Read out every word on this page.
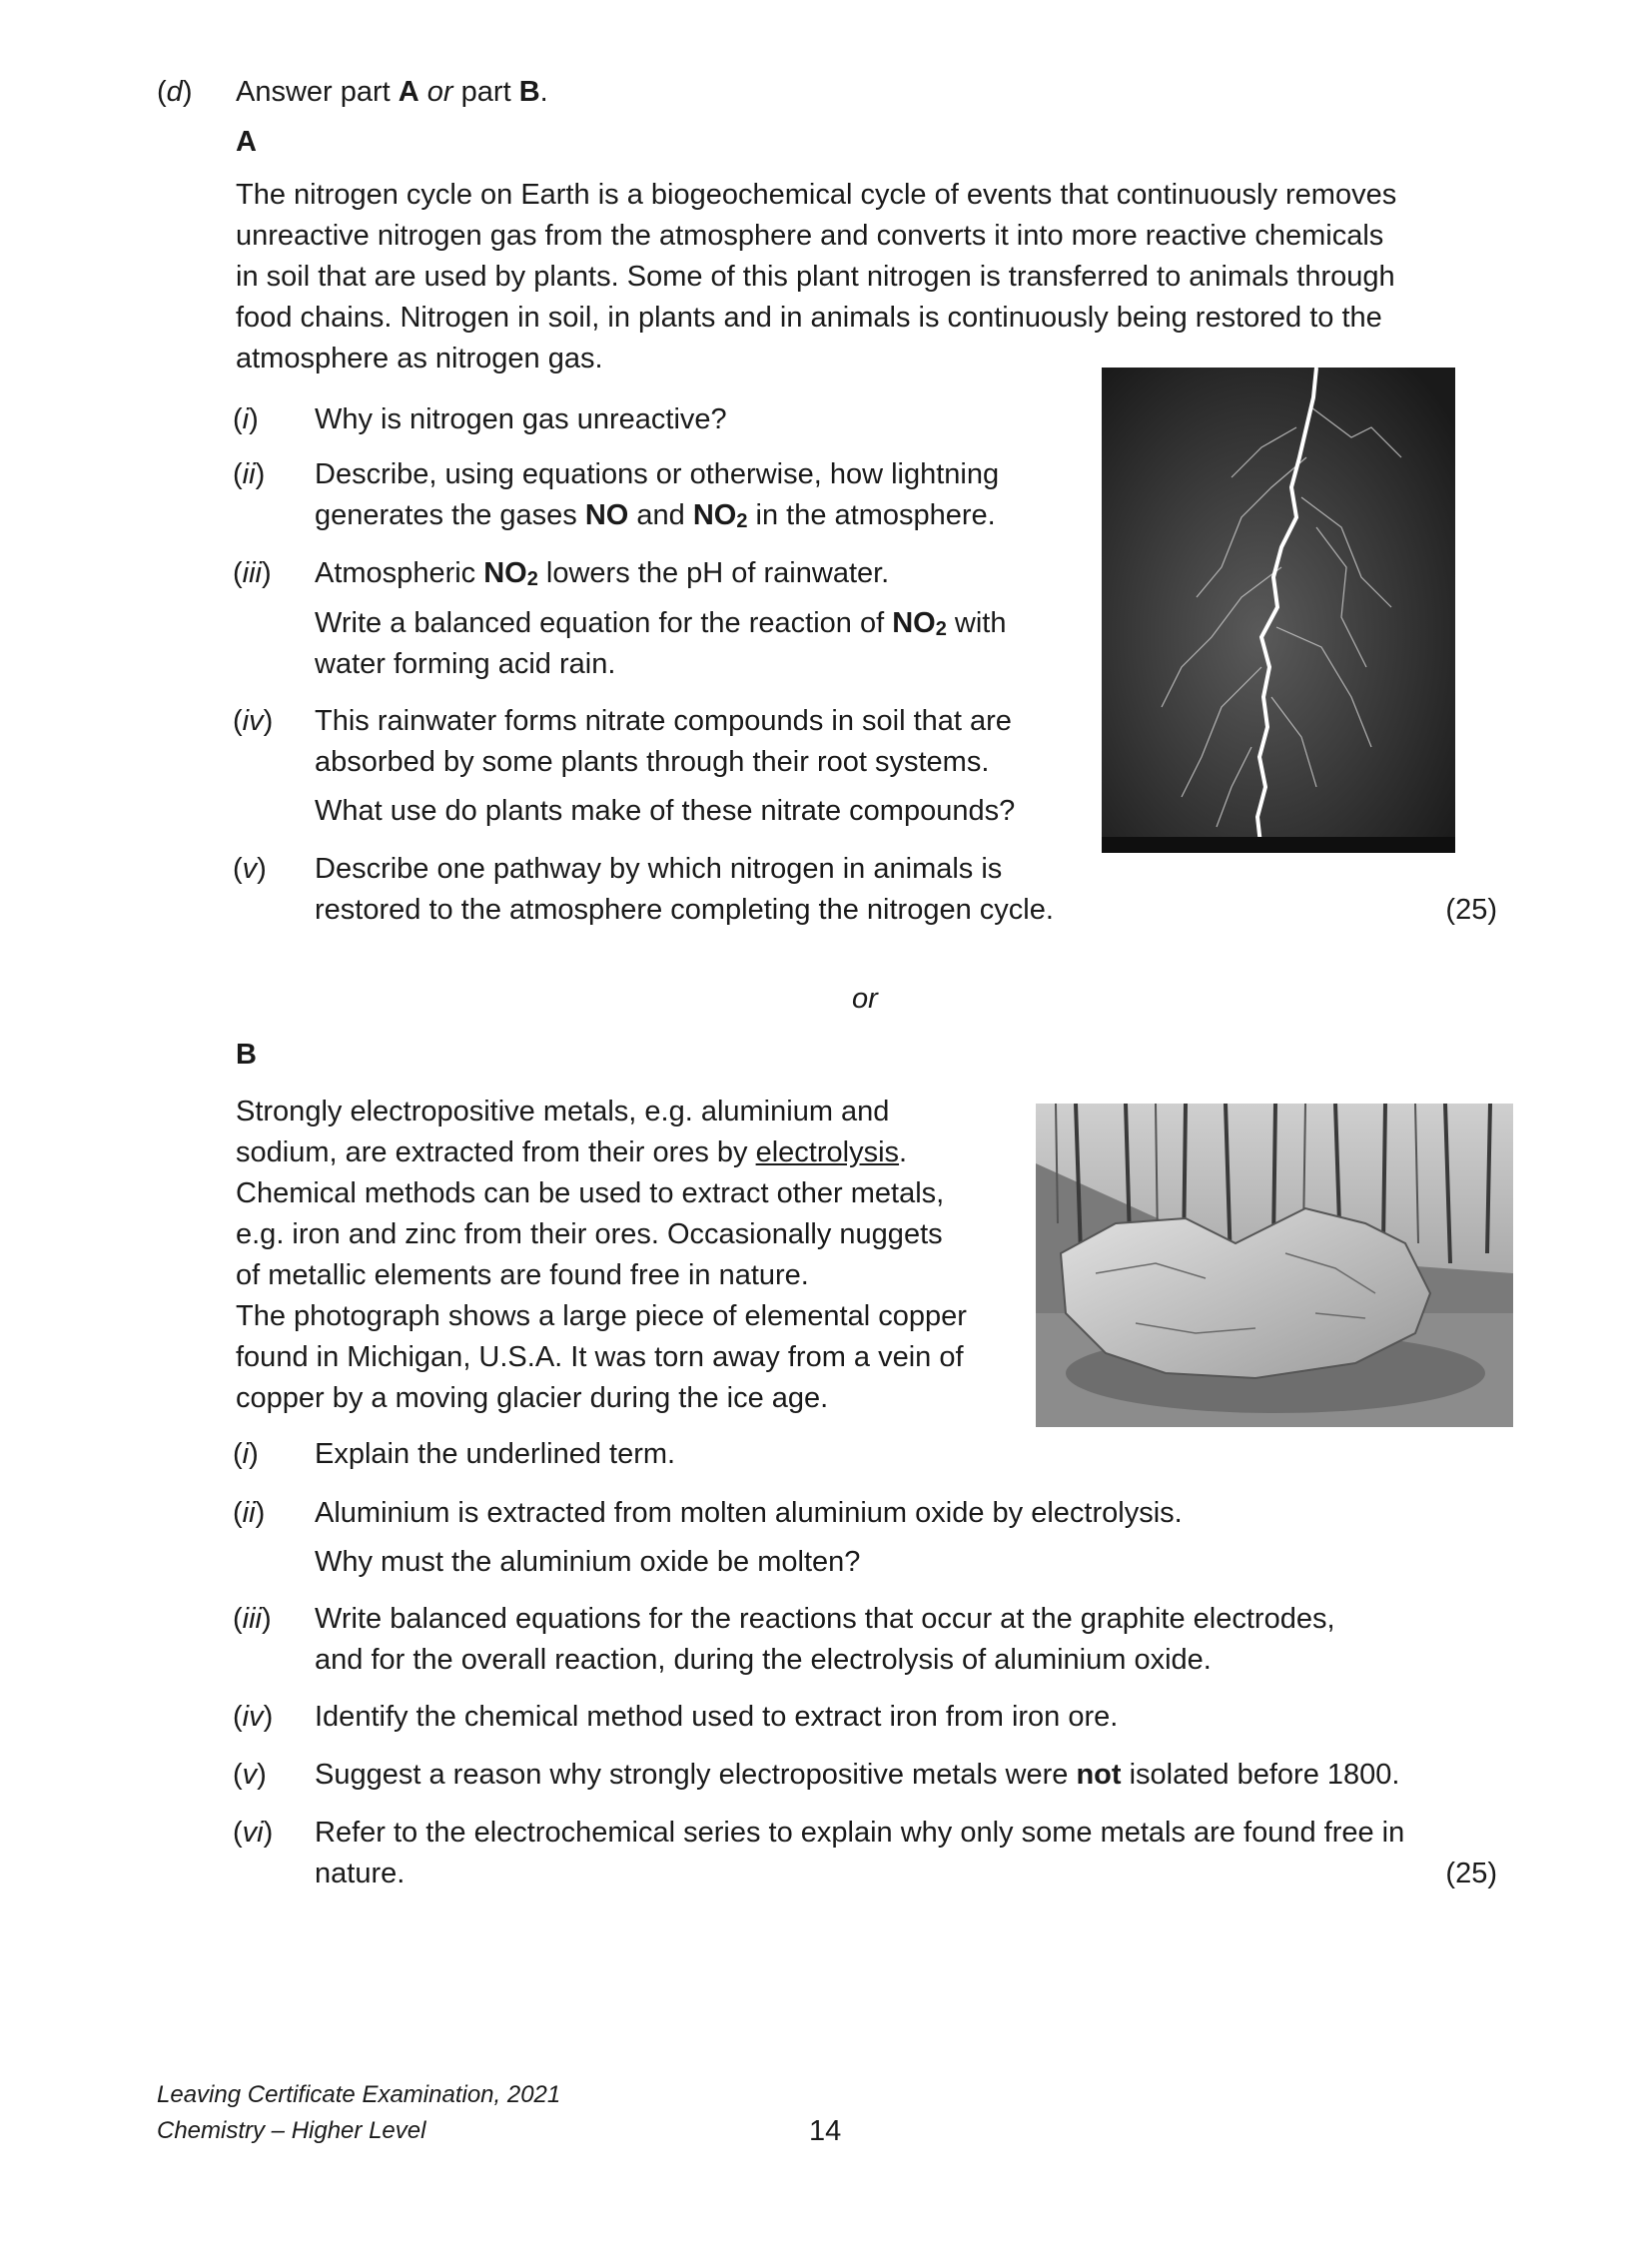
(d) Answer part A or part B.
A
The nitrogen cycle on Earth is a biogeochemical cycle of events that continuously removes
unreactive nitrogen gas from the atmosphere and converts it into more reactive chemicals
in soil that are used by plants. Some of this plant nitrogen is transferred to animals through
food chains. Nitrogen in soil, in plants and in animals is continuously being restored to the
atmosphere as nitrogen gas.
(i) Why is nitrogen gas unreactive?
(ii) Describe, using equations or otherwise, how lightning
generates the gases NO and $NO_2$ in the atmosphere.
(iii) Atmospheric $NO_2$ lowers the pH of rainwater.
Write a balanced equation for the reaction of $NO_2$ with
water forming acid rain.
(iv) This rainwater forms nitrate compounds in soil that are
absorbed by some plants through their root systems.
What use do plants make of these nitrate compounds?
(v) Describe one pathway by which nitrogen in animals is
restored to the atmosphere completing the nitrogen cycle.	(25)
or
B
Strongly electropositive metals, e.g. aluminium and
sodium, are extracted from their ores by electrolysis.
Chemical methods can be used to extract other metals,
e.g. iron and zinc from their ores. Occasionally nuggets
of metallic elements are found free in nature.
The photograph shows a large piece of elemental copper
found in Michigan, U.S.A. It was torn away from a vein of
copper by a moving glacier during the ice age.
(i) Explain the underlined term.
(ii) Aluminium is extracted from molten aluminium oxide by electrolysis.
Why must the aluminium oxide be molten?
(iii) Write balanced equations for the reactions that occur at the graphite electrodes,
and for the overall reaction, during the electrolysis of aluminium oxide.
(iv) Identify the chemical method used to extract iron from iron ore.
(v) Suggest a reason why strongly electropositive metals were not isolated before 1800.
(vi) Refer to the electrochemical series to explain why only some metals are found free in
nature.	(25)
Leaving Certificate Examination, 2021
Chemistry – Higher Level	14
